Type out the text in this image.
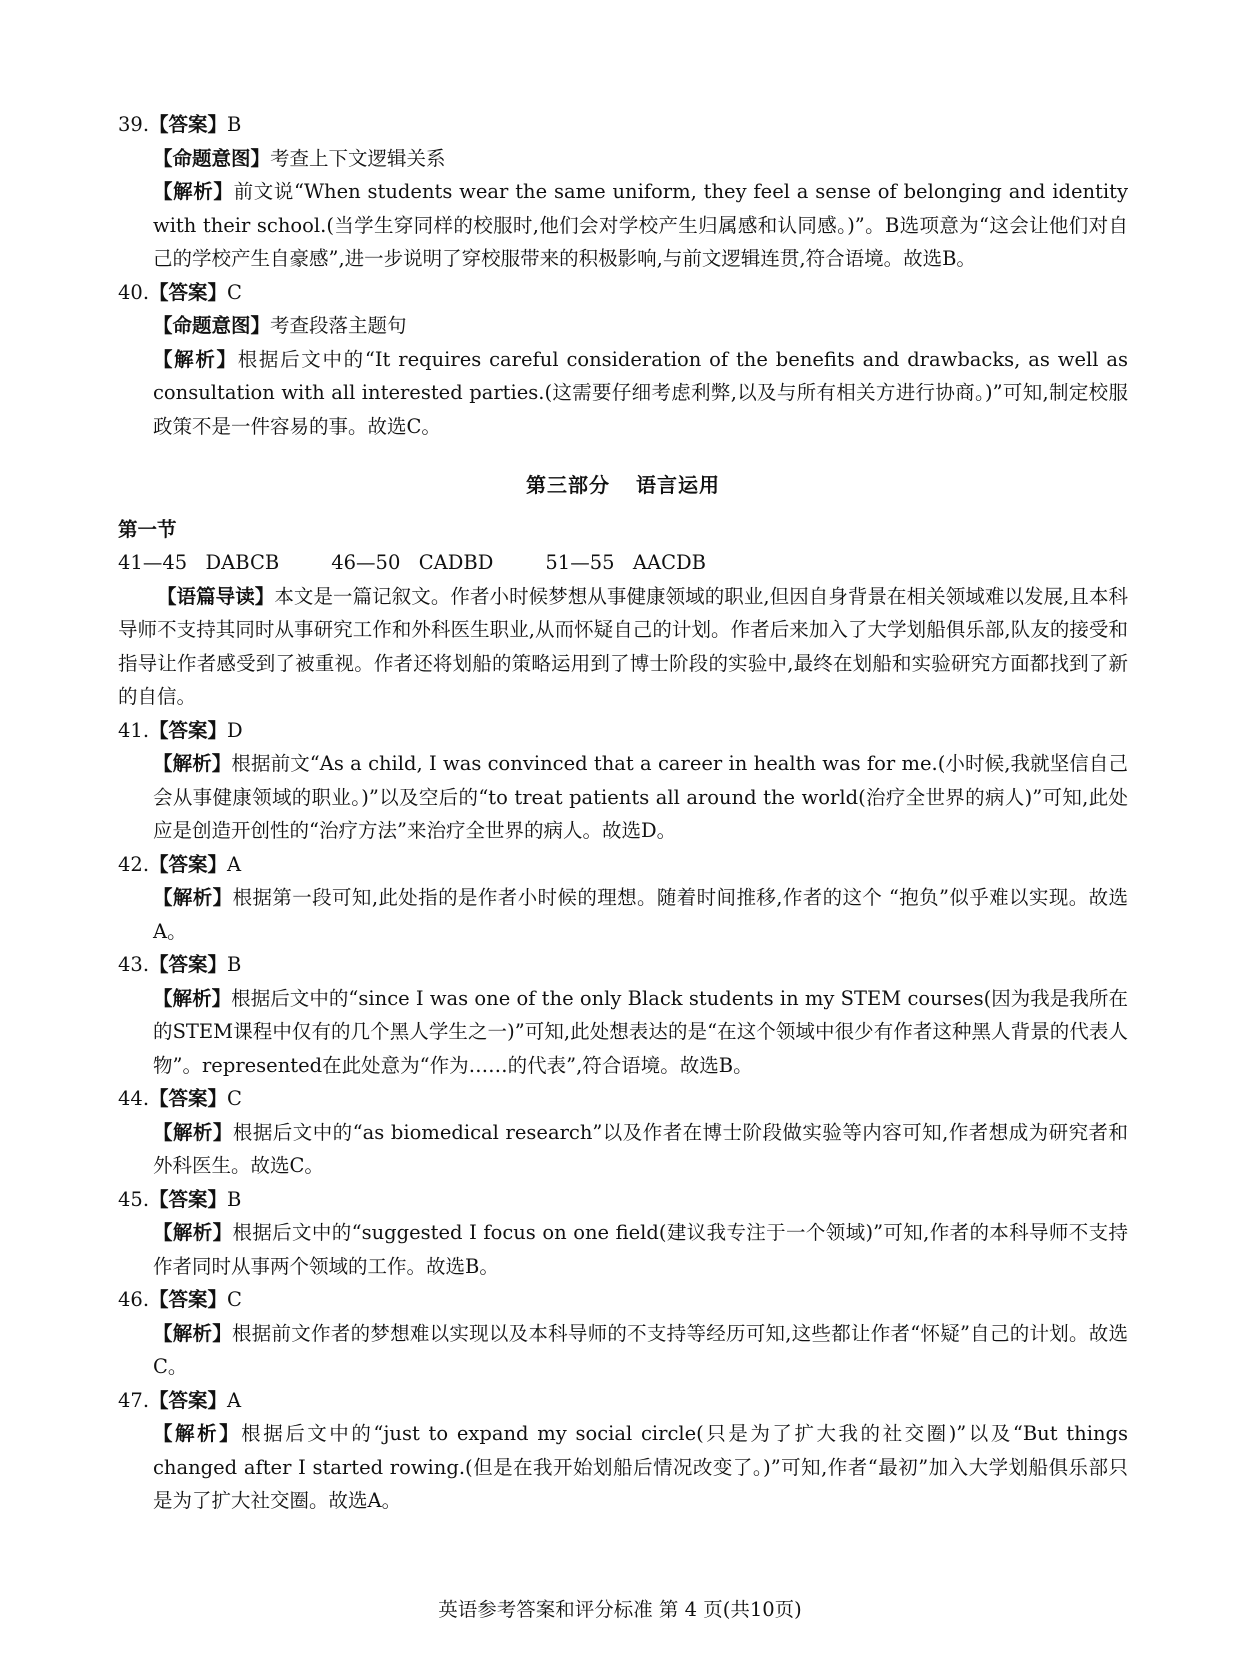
39.【答案】B

【命题意图】考查上下文逻辑关系

【解析】前文说“When students wear the same uniform, they feel a sense of belonging and identity with their school.(当学生穿同样的校服时,他们会对学校产生归属感和认同感。)”。B选项意为“这会让他们对自己的学校产生自豪感”,进一步说明了穿校服带来的积极影响,与前文逻辑连贯,符合语境。故选B。

40.【答案】C

【命题意图】考查段落主题句

【解析】根据后文中的“It requires careful consideration of the benefits and drawbacks, as well as consultation with all interested parties.(这需要仔细考虑利弊,以及与所有相关方进行协商。)”可知,制定校服政策不是一件容易的事。故选C。

第三部分 语言运用

第一节

41—45 DABCB	46—50 CADBD	51—55 AACDB

【语篇导读】本文是一篇记叙文。作者小时候梦想从事健康领域的职业,但因自身背景在相关领域难以发展,且本科导师不支持其同时从事研究工作和外科医生职业,从而怀疑自己的计划。作者后来加入了大学划船俱乐部,队友的接受和指导让作者感受到了被重视。作者还将划船的策略运用到了博士阶段的实验中,最终在划船和实验研究方面都找到了新的自信。

41.【答案】D

【解析】根据前文“As a child, I was convinced that a career in health was for me.(小时候,我就坚信自己会从事健康领域的职业。)”以及空后的“to treat patients all around the world(治疗全世界的病人)”可知,此处应是创造开创性的“治疗方法”来治疗全世界的病人。故选D。

42.【答案】A

【解析】根据第一段可知,此处指的是作者小时候的理想。随着时间推移,作者的这个 “抱负”似乎难以实现。故选A。

43.【答案】B

【解析】根据后文中的“since I was one of the only Black students in my STEM courses(因为我是我所在的STEM课程中仅有的几个黑人学生之一)”可知,此处想表达的是“在这个领域中很少有作者这种黑人背景的代表人物”。represented在此处意为“作为……的代表”,符合语境。故选B。

44.【答案】C

【解析】根据后文中的“as biomedical research”以及作者在博士阶段做实验等内容可知,作者想成为研究者和外科医生。故选C。

45.【答案】B

【解析】根据后文中的“suggested I focus on one field(建议我专注于一个领域)”可知,作者的本科导师不支持作者同时从事两个领域的工作。故选B。

46.【答案】C

【解析】根据前文作者的梦想难以实现以及本科导师的不支持等经历可知,这些都让作者“怀疑”自己的计划。故选C。

47.【答案】A

【解析】根据后文中的“just to expand my social circle(只是为了扩大我的社交圈)”以及“But things changed after I started rowing.(但是在我开始划船后情况改变了。)”可知,作者“最初”加入大学划船俱乐部只是为了扩大社交圈。故选A。

英语参考答案和评分标准 第 4 页(共10页)
